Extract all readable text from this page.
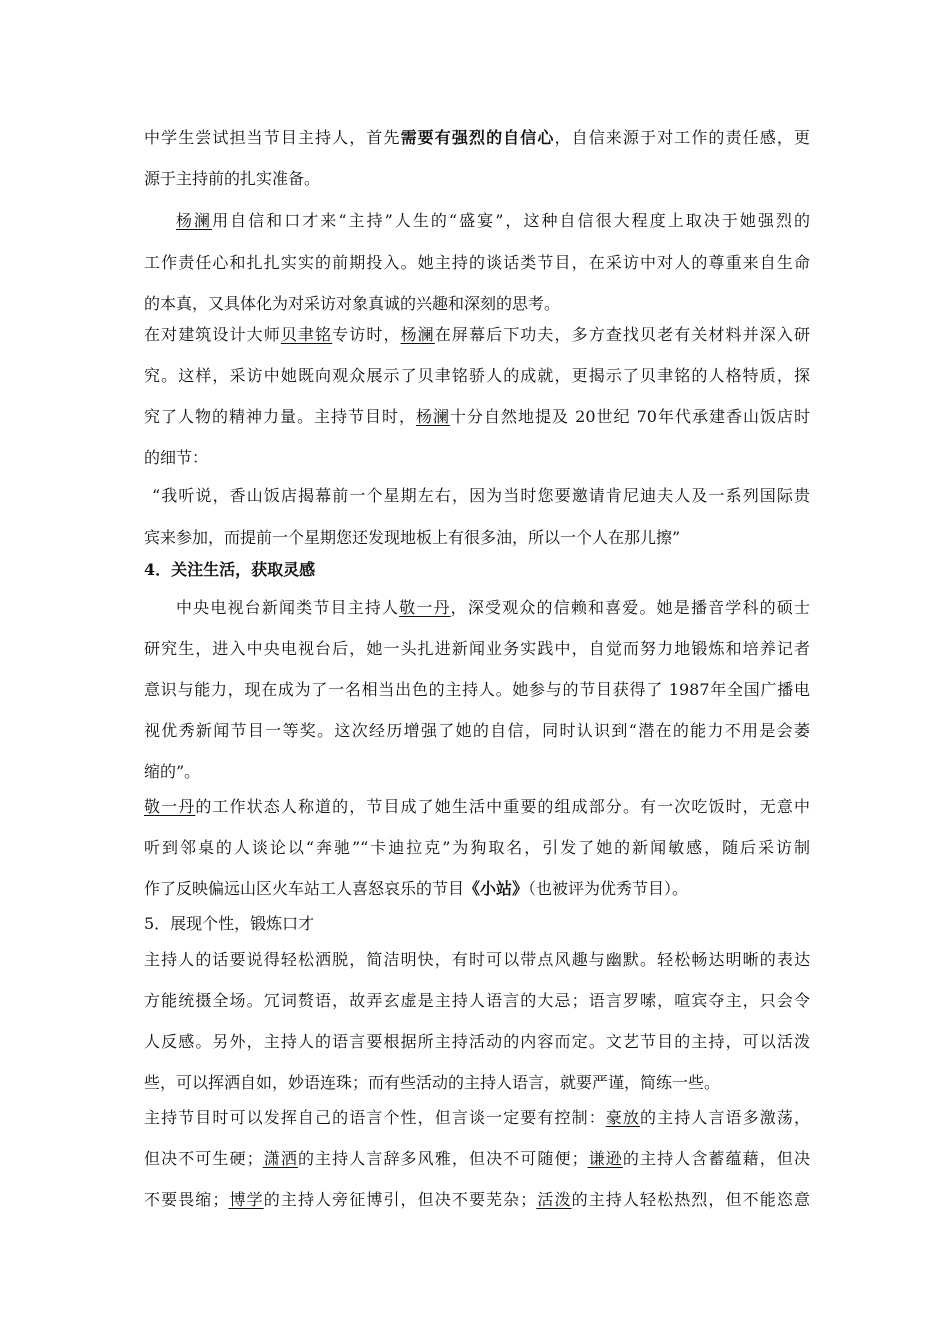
中学生尝试担当节目主持人，首先需要有强烈的自信心，自信来源于对工作的责任感，更
源于主持前的扎实准备。
杨澜用自信和口才来“主持”人生的“盛宴”，这种自信很大程度上取决于她强烈的
工作责任心和扎扎实实的前期投入。她主持的谈话类节目，在采访中对人的尊重来自生命
的本真，又具体化为对采访对象真诚的兴趣和深刻的思考。
在对建筑设计大师贝聿铭专访时，杨澜在屏幕后下功夫，多方查找贝老有关材料并深入研
究。这样，采访中她既向观众展示了贝聿铭骄人的成就，更揭示了贝聿铭的人格特质，探
究了人物的精神力量。主持节目时，杨澜十分自然地提及 20世纪 70年代承建香山饭店时
的细节：
“我听说，香山饭店揭幕前一个星期左右，因为当时您要邀请肯尼迪夫人及一系列国际贵
宾来参加，而提前一个星期您还发现地板上有很多油，所以一个人在那儿擦”
4．关注生活，获取灵感
中央电视台新闻类节目主持人敬一丹，深受观众的信赖和喜爱。她是播音学科的硕士
研究生，进入中央电视台后，她一头扎进新闻业务实践中，自觉而努力地锻炼和培养记者
意识与能力，现在成为了一名相当出色的主持人。她参与的节目获得了 1987年全国广播电
视优秀新闻节目一等奖。这次经历增强了她的自信，同时认识到“潜在的能力不用是会萎
缩的”。
敬一丹的工作状态人称道的，节目成了她生活中重要的组成部分。有一次吃饭时，无意中
听到邻桌的人谈论以“奔驰”“卡迪拉克”为狗取名，引发了她的新闻敏感，随后采访制
作了反映偏远山区火车站工人喜怒哀乐的节目《小站》（也被评为优秀节目）。
5．展现个性，锻炼口才
主持人的话要说得轻松洒脱，简洁明快，有时可以带点风趣与幽默。轻松畅达明晰的表达
方能统摄全场。冗词赘语，故弄玄虚是主持人语言的大忌；语言罗嗦，喧宾夺主，只会令
人反感。另外，主持人的语言要根据所主持活动的内容而定。文艺节目的主持，可以活泼
些，可以挥洒自如，妙语连珠；而有些活动的主持人语言，就要严谨，简练一些。
主持节目时可以发挥自己的语言个性，但言谈一定要有控制：豪放的主持人言语多激荡，
但决不可生硬；潇洒的主持人言辞多风雅，但决不可随便；谦逊的主持人含蓄蕴藉，但决
不要畏缩；博学的主持人旁征博引，但决不要芜杂；活泼的主持人轻松热烈，但不能恣意
